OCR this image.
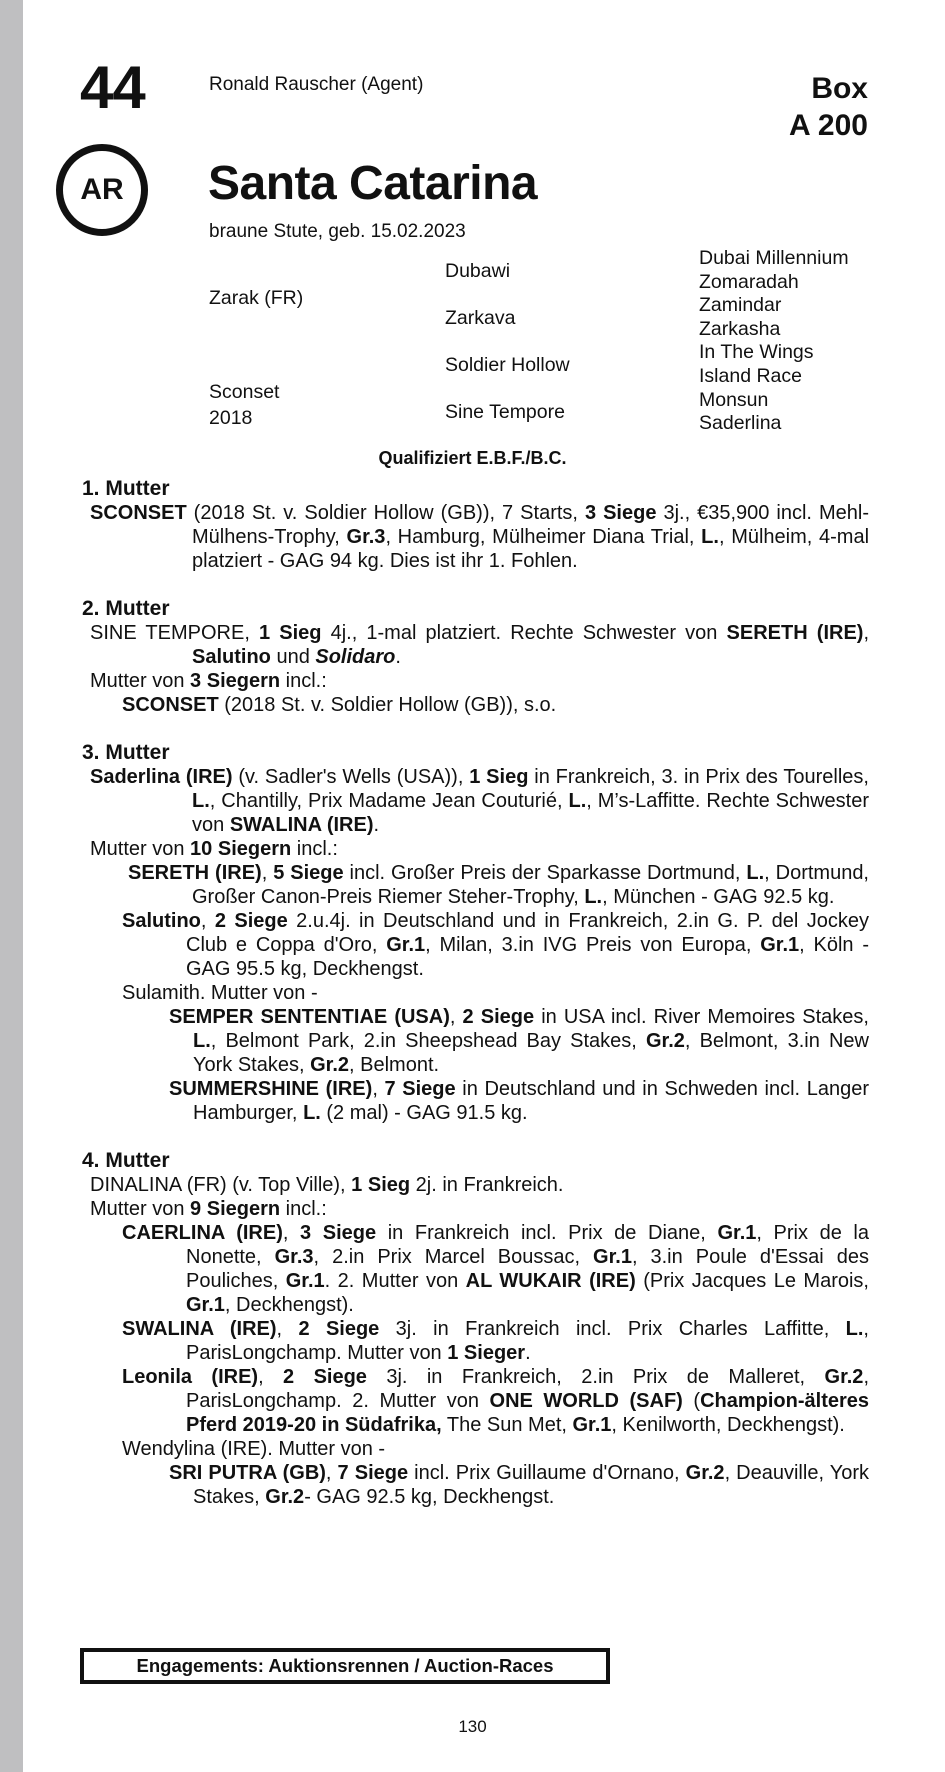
44	Ronald Rauscher (Agent)	Box
A 200
AR Santa Catarina
braune Stute, geb. 15.02.2023
Zarak (FR)
Sconset
2018
Dubawi
Zarkava
Soldier Hollow
Sine Tempore
Dubai Millennium
Zomaradah
Zamindar
Zarkasha
In The Wings
Island Race
Monsun
Saderlina
Qualifiziert E.B.F./B.C.
1. Mutter

SCONSET (2018 St. v. Soldier Hollow (GB)), 7 Starts, 3 Siege 3j., €35,900 incl. Mehl-Mülhens-Trophy, Gr.3, Hamburg, Mülheimer Diana Trial, L., Mülheim, 4-mal platziert - GAG 94 kg. Dies ist ihr 1. Fohlen.

2. Mutter

SINE TEMPORE, 1 Sieg 4j., 1-mal platziert. Rechte Schwester von SERETH (IRE), Salutino und Solidaro.

Mutter von 3 Siegern incl.:

SCONSET (2018 St. v. Soldier Hollow (GB)), s.o.

3. Mutter

Saderlina (IRE) (v. Sadler's Wells (USA)), 1 Sieg in Frankreich, 3. in Prix des Tourelles, L., Chantilly, Prix Madame Jean Couturié, L., M’s-Laffitte. Rechte Schwester von SWALINA (IRE).

Mutter von 10 Siegern incl.:

SERETH (IRE), 5 Siege incl. Großer Preis der Sparkasse Dortmund, L., Dortmund, Großer Canon-Preis Riemer Steher-Trophy, L., München - GAG 92.5 kg.

Salutino, 2 Siege 2.u.4j. in Deutschland und in Frankreich, 2.in G. P. del Jockey Club e Coppa d'Oro, Gr.1, Milan, 3.in IVG Preis von Europa, Gr.1, Köln - GAG 95.5 kg, Deckhengst.

Sulamith. Mutter von -

SEMPER SENTENTIAE (USA), 2 Siege in USA incl. River Memoires Stakes, L., Belmont Park, 2.in Sheepshead Bay Stakes, Gr.2, Belmont, 3.in New York Stakes, Gr.2, Belmont.

SUMMERSHINE (IRE), 7 Siege in Deutschland und in Schweden incl. Langer Hamburger, L. (2 mal) - GAG 91.5 kg.

4. Mutter

DINALINA (FR) (v. Top Ville), 1 Sieg 2j. in Frankreich.

Mutter von 9 Siegern incl.:

CAERLINA (IRE), 3 Siege in Frankreich incl. Prix de Diane, Gr.1, Prix de la Nonette, Gr.3, 2.in Prix Marcel Boussac, Gr.1, 3.in Poule d'Essai des Pouliches, Gr.1. 2. Mutter von AL WUKAIR (IRE) (Prix Jacques Le Marois, Gr.1, Deckhengst).

SWALINA (IRE), 2 Siege 3j. in Frankreich incl. Prix Charles Laffitte, L., ParisLongchamp. Mutter von 1 Sieger.

Leonila (IRE), 2 Siege 3j. in Frankreich, 2.in Prix de Malleret, Gr.2, ParisLongchamp. 2. Mutter von ONE WORLD (SAF) (Champion-älteres Pferd 2019-20 in Südafrika, The Sun Met, Gr.1, Kenilworth, Deckhengst).

Wendylina (IRE). Mutter von -

SRI PUTRA (GB), 7 Siege incl. Prix Guillaume d'Ornano, Gr.2, Deauville, York Stakes, Gr.2- GAG 92.5 kg, Deckhengst.

Engagements: Auktionsrennen / Auction-Races
130
